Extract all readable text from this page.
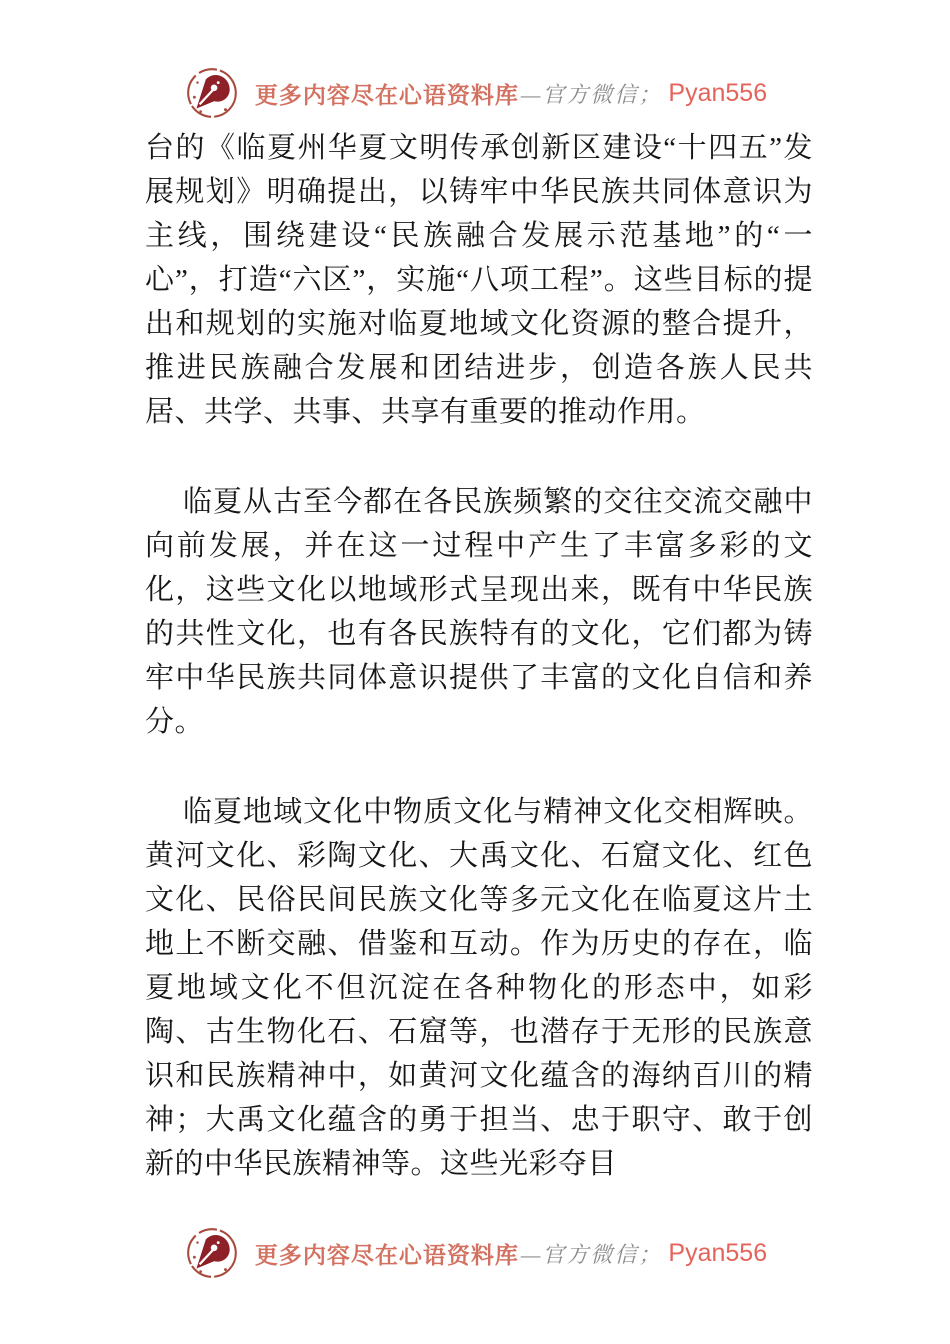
更多内容尽在心语资料库 —官方微信； Pyan556

台的《临夏州华夏文明传承创新区建设“十四五”发展规划》明确提出，以铸牢中华民族共同体意识为主线，围绕建设“民族融合发展示范基地”的“一心”，打造“六区”，实施“八项工程”。这些目标的提出和规划的实施对临夏地域文化资源的整合提升，推进民族融合发展和团结进步，创造各族人民共居、共学、共事、共享有重要的推动作用。

临夏从古至今都在各民族频繁的交往交流交融中向前发展，并在这一过程中产生了丰富多彩的文化，这些文化以地域形式呈现出来，既有中华民族的共性文化，也有各民族特有的文化，它们都为铸牢中华民族共同体意识提供了丰富的文化自信和养分。

临夏地域文化中物质文化与精神文化交相辉映。黄河文化、彩陶文化、大禹文化、石窟文化、红色文化、民俗民间民族文化等多元文化在临夏这片土地上不断交融、借鉴和互动。作为历史的存在，临夏地域文化不但沉淀在各种物化的形态中，如彩陶、古生物化石、石窟等，也潜存于无形的民族意识和民族精神中，如黄河文化蕴含的海纳百川的精神；大禹文化蕴含的勇于担当、忠于职守、敢于创新的中华民族精神等。这些光彩夺目

更多内容尽在心语资料库 —官方微信； Pyan556
